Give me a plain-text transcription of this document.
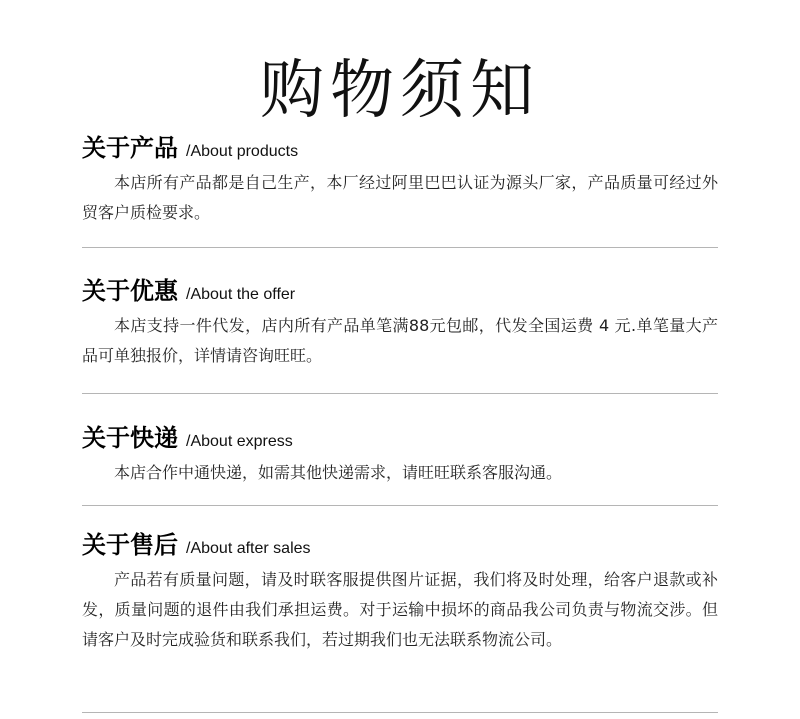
购物须知
关于产品 /About products

本店所有产品都是自己生产，本厂经过阿里巴巴认证为源头厂家，产品质量可经过外贸客户质检要求。

关于优惠 /About the offer

本店支持一件代发，店内所有产品单笔满88元包邮，代发全国运费 4 元.单笔量大产品可单独报价，详情请咨询旺旺。

关于快递 /About express

本店合作中通快递，如需其他快递需求，请旺旺联系客服沟通。

关于售后 /About after sales

产品若有质量问题，请及时联客服提供图片证据，我们将及时处理，给客户退款或补发，质量问题的退件由我们承担运费。对于运输中损坏的商品我公司负责与物流交涉。但请客户及时完成验货和联系我们，若过期我们也无法联系物流公司。
